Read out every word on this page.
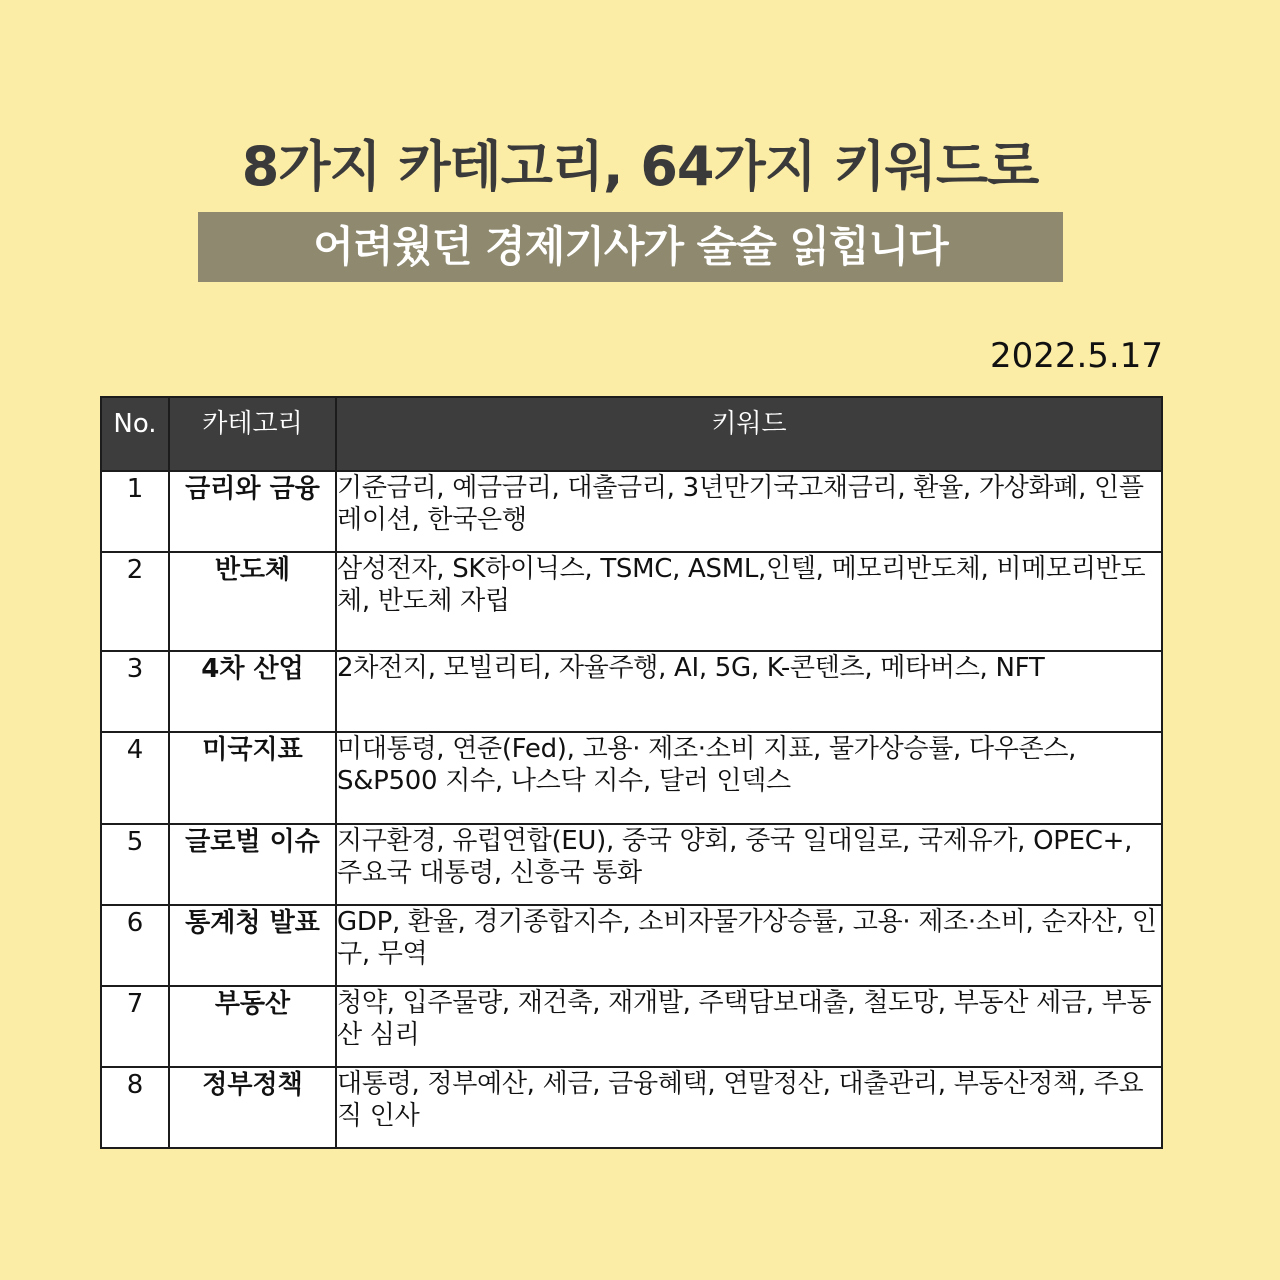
8가지 카테고리, 64가지 키워드로
어려웠던 경제기사가 술술 읽힙니다
2022.5.17
No.	카테고리	키워드
1	금리와 금융	기준금리, 예금금리, 대출금리, 3년만기국고채금리, 환율, 가상화폐, 인플레이션, 한국은행
2	반도체	삼성전자, SK하이닉스, TSMC, ASML,인텔, 메모리반도체, 비메모리반도체, 반도체 자립
3	4차 산업	2차전지, 모빌리티, 자율주행, AI, 5G, K-콘텐츠, 메타버스, NFT
4	미국지표	미대통령, 연준(Fed), 고용· 제조·소비 지표, 물가상승률, 다우존스, S&P500 지수, 나스닥 지수, 달러 인덱스
5	글로벌 이슈	지구환경, 유럽연합(EU), 중국 양회, 중국 일대일로, 국제유가, OPEC+, 주요국 대통령, 신흥국 통화
6	통계청 발표	GDP, 환율, 경기종합지수, 소비자물가상승률, 고용· 제조·소비, 순자산, 인구, 무역
7	부동산	청약, 입주물량, 재건축, 재개발, 주택담보대출, 철도망, 부동산 세금, 부동산 심리
8	정부정책	대통령, 정부예산, 세금, 금융혜택, 연말정산, 대출관리, 부동산정책, 주요직 인사
